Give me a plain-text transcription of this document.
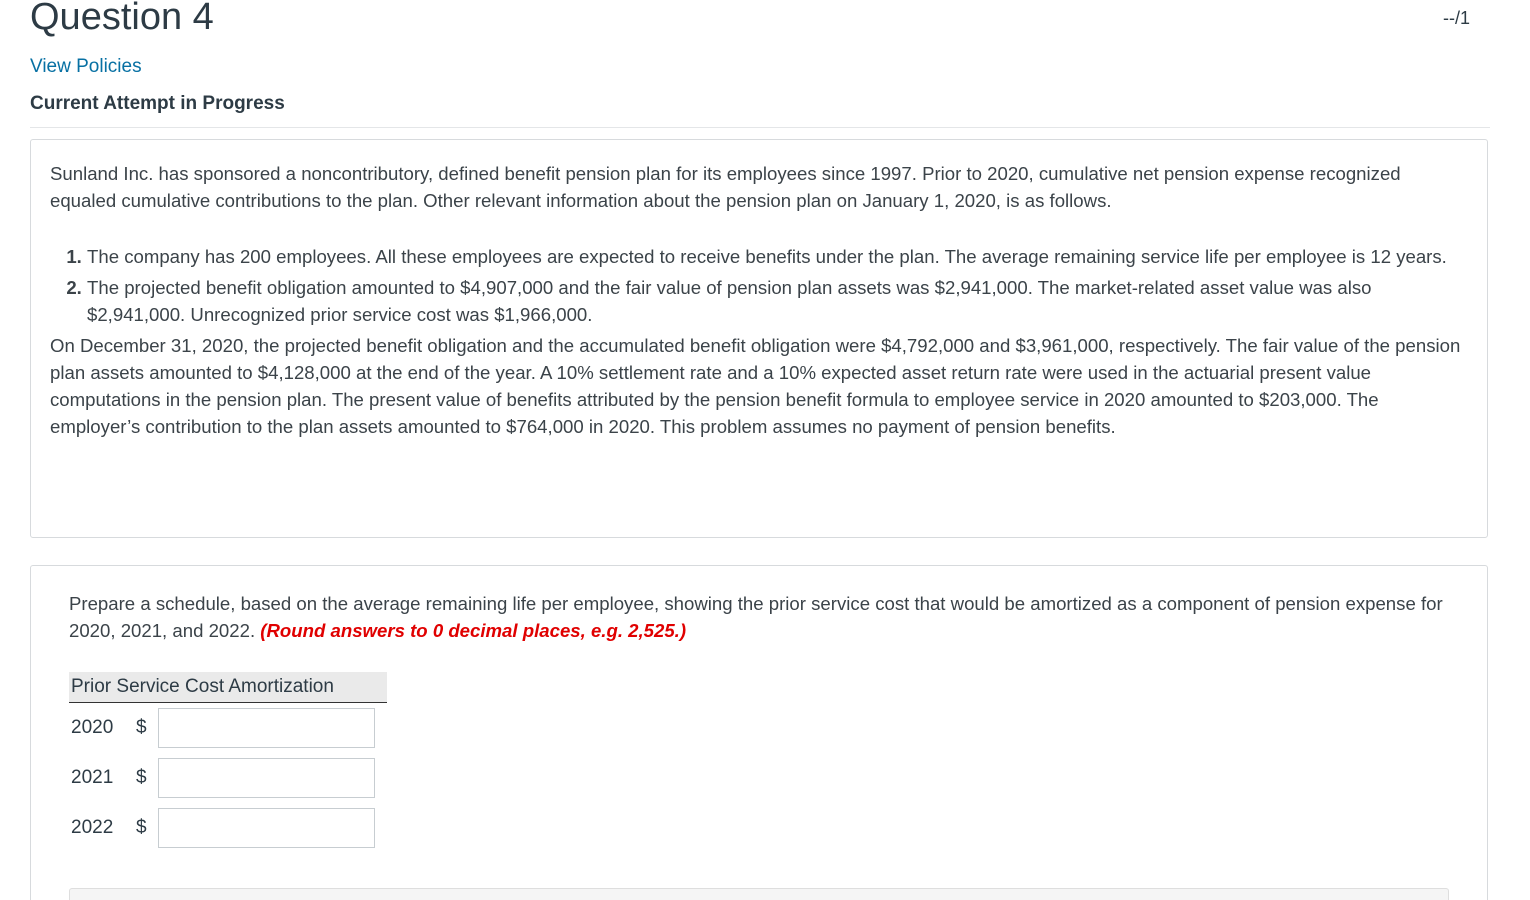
Question 4	--/1
View Policies
Current Attempt in Progress

Sunland Inc. has sponsored a noncontributory, defined benefit pension plan for its employees since 1997. Prior to 2020, cumulative net pension expense recognized equaled cumulative contributions to the plan. Other relevant information about the pension plan on January 1, 2020, is as follows.

1. The company has 200 employees. All these employees are expected to receive benefits under the plan. The average remaining service life per employee is 12 years.
2. The projected benefit obligation amounted to $4,907,000 and the fair value of pension plan assets was $2,941,000. The market-related asset value was also $2,941,000. Unrecognized prior service cost was $1,966,000.

On December 31, 2020, the projected benefit obligation and the accumulated benefit obligation were $4,792,000 and $3,961,000, respectively. The fair value of the pension plan assets amounted to $4,128,000 at the end of the year. A 10% settlement rate and a 10% expected asset return rate were used in the actuarial present value computations in the pension plan. The present value of benefits attributed by the pension benefit formula to employee service in 2020 amounted to $203,000. The employer’s contribution to the plan assets amounted to $764,000 in 2020. This problem assumes no payment of pension benefits.

Prepare a schedule, based on the average remaining life per employee, showing the prior service cost that would be amortized as a component of pension expense for 2020, 2021, and 2022. (Round answers to 0 decimal places, e.g. 2,525.)

Prior Service Cost Amortization
2020	$
2021	$
2022	$
